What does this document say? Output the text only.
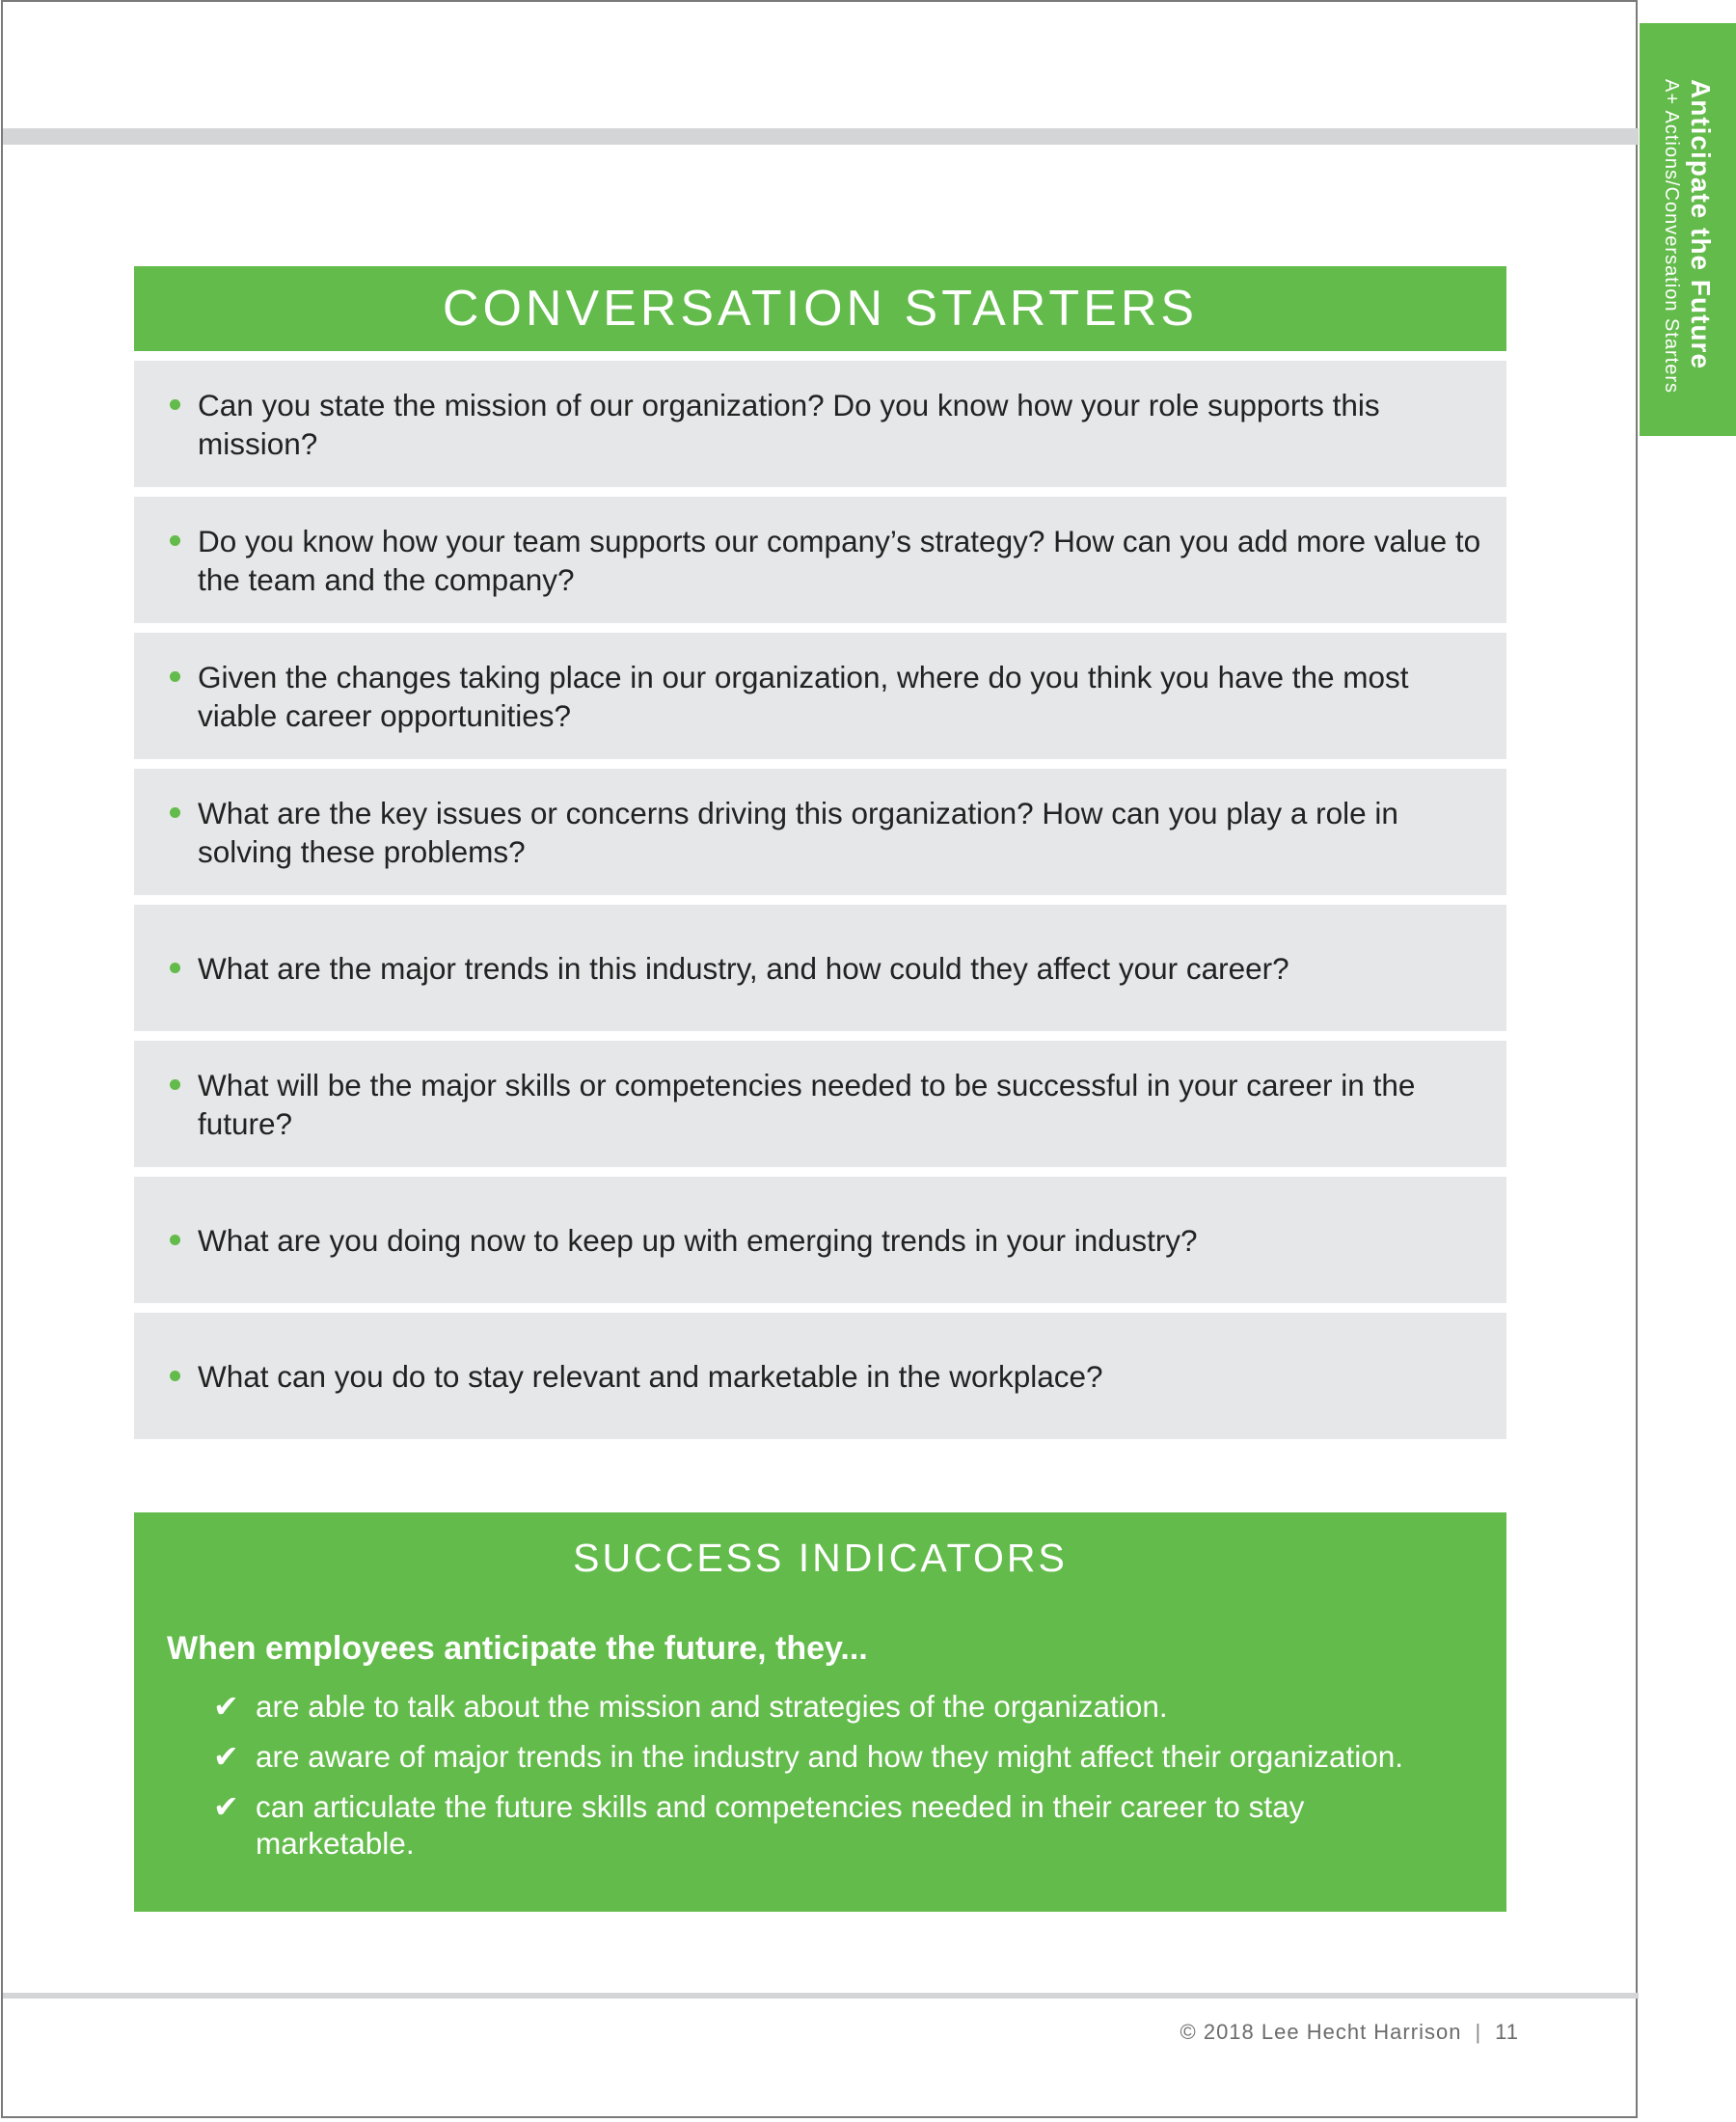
Anticipate the Future
A+ Actions/Conversation Starters
CONVERSATION STARTERS
Can you state the mission of our organization? Do you know how your role supports this mission?
Do you know how your team supports our company’s strategy? How can you add more value to the team and the company?
Given the changes taking place in our organization, where do you think you have the most viable career opportunities?
What are the key issues or concerns driving this organization? How can you play a role in solving these problems?
What are the major trends in this industry, and how could they affect your career?
What will be the major skills or competencies needed to be successful in your career in the future?
What are you doing now to keep up with emerging trends in your industry?
What can you do to stay relevant and marketable in the workplace?
SUCCESS INDICATORS
When employees anticipate the future, they...
✔ are able to talk about the mission and strategies of the organization.
✔ are aware of major trends in the industry and how they might affect their organization.
✔ can articulate the future skills and competencies needed in their career to stay marketable.
© 2018 Lee Hecht Harrison | 11
